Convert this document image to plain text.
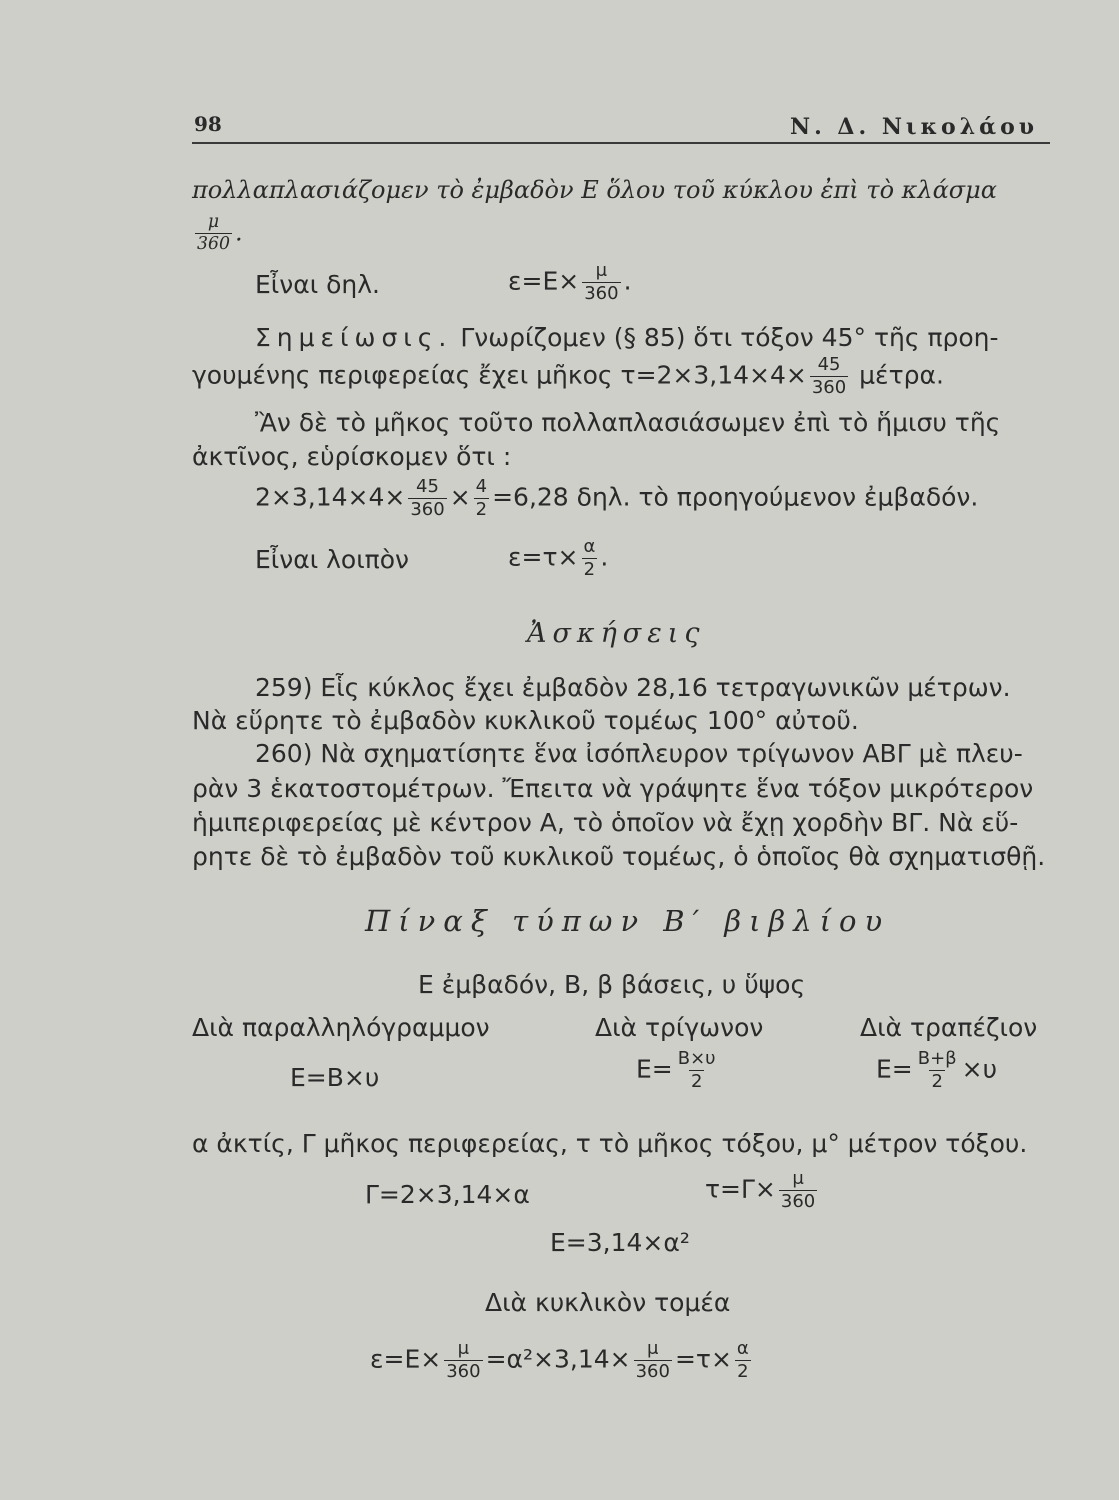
98	Ν. Δ. Νικολάου
πολλαπλασιάζομεν τὸ ἐμβαδὸν Ε ὅλου τοῦ κύκλου ἐπὶ τὸ κλάσμα
$\frac{\mu}{360}$ .
Εἶναι δηλ.	$\varepsilon=E\times \frac{\mu}{360}$ .
Σημείωσις. Γνωρίζομεν (§ 85) ὅτι τόξον 45° τῆς προη-
γουμένης περιφερείας ἔχει μῆκος $\tau=2\times 3,14\times 4\times \frac{45}{360} \mu έ\tau\rho\alpha$.
Ἂν δὲ τὸ μῆκος τοῦτο πολλαπλασιάσωμεν ἐπὶ τὸ ἥμισυ τῆς
ἀκτῖνος, εὑρίσκομεν ὅτι :
$2\times 3,14\times 4\times \frac{45}{360} \times \frac{4}{2} =6,28$ δηλ. τὸ προηγούμενον ἐμβαδόν.
Εἶναι λοιπὸν	$\varepsilon=\tau\times \frac{\alpha}{2}$ .
Ἀσκήσεις
259) Εἷς κύκλος ἔχει ἐμβαδὸν 28,16 τετραγωνικῶν μέτρων.
Νὰ εὕρητε τὸ ἐμβαδὸν κυκλικοῦ τομέως 100° αὐτοῦ.
260) Νὰ σχηματίσητε ἕνα ἰσόπλευρον τρίγωνον ΑΒΓ μὲ πλευ-
ρὰν 3 ἑκατοστομέτρων. Ἔπειτα νὰ γράψητε ἕνα τόξον μικρότερον
ἡμιπεριφερείας μὲ κέντρον Α, τὸ ὁποῖον νὰ ἔχῃ χορδὴν ΒΓ. Νὰ εὕ-
ρητε δὲ τὸ ἐμβαδὸν τοῦ κυκλικοῦ τομέως, ὁ ὁποῖος θὰ σχηματισθῇ.
Πίναξ τύπων Β′ βιβλίου
Ε ἐμβαδόν, Β, β βάσεις, υ ὕψος
Διὰ παραλληλόγραμμον	Διὰ τρίγωνον	Διὰ τραπέζιον
Ε=Β×υ	$E= \frac{B\times\upsilon}{2}$	$E= \frac{B+\beta}{2} \times\upsilon$
α ἀκτίς, Γ μῆκος περιφερείας, τ τὸ μῆκος τόξου, μ° μέτρον τόξου.
Γ=2×3,14×α	$\tau=\Gamma\times \frac{\mu}{360}$
Ε=3,14×α²
Διὰ κυκλικὸν τομέα
$\varepsilon=E\times \frac{\mu}{360} =\alpha^2\times 3,14\times \frac{\mu}{360} =\tau\times \frac{\alpha}{2}$
